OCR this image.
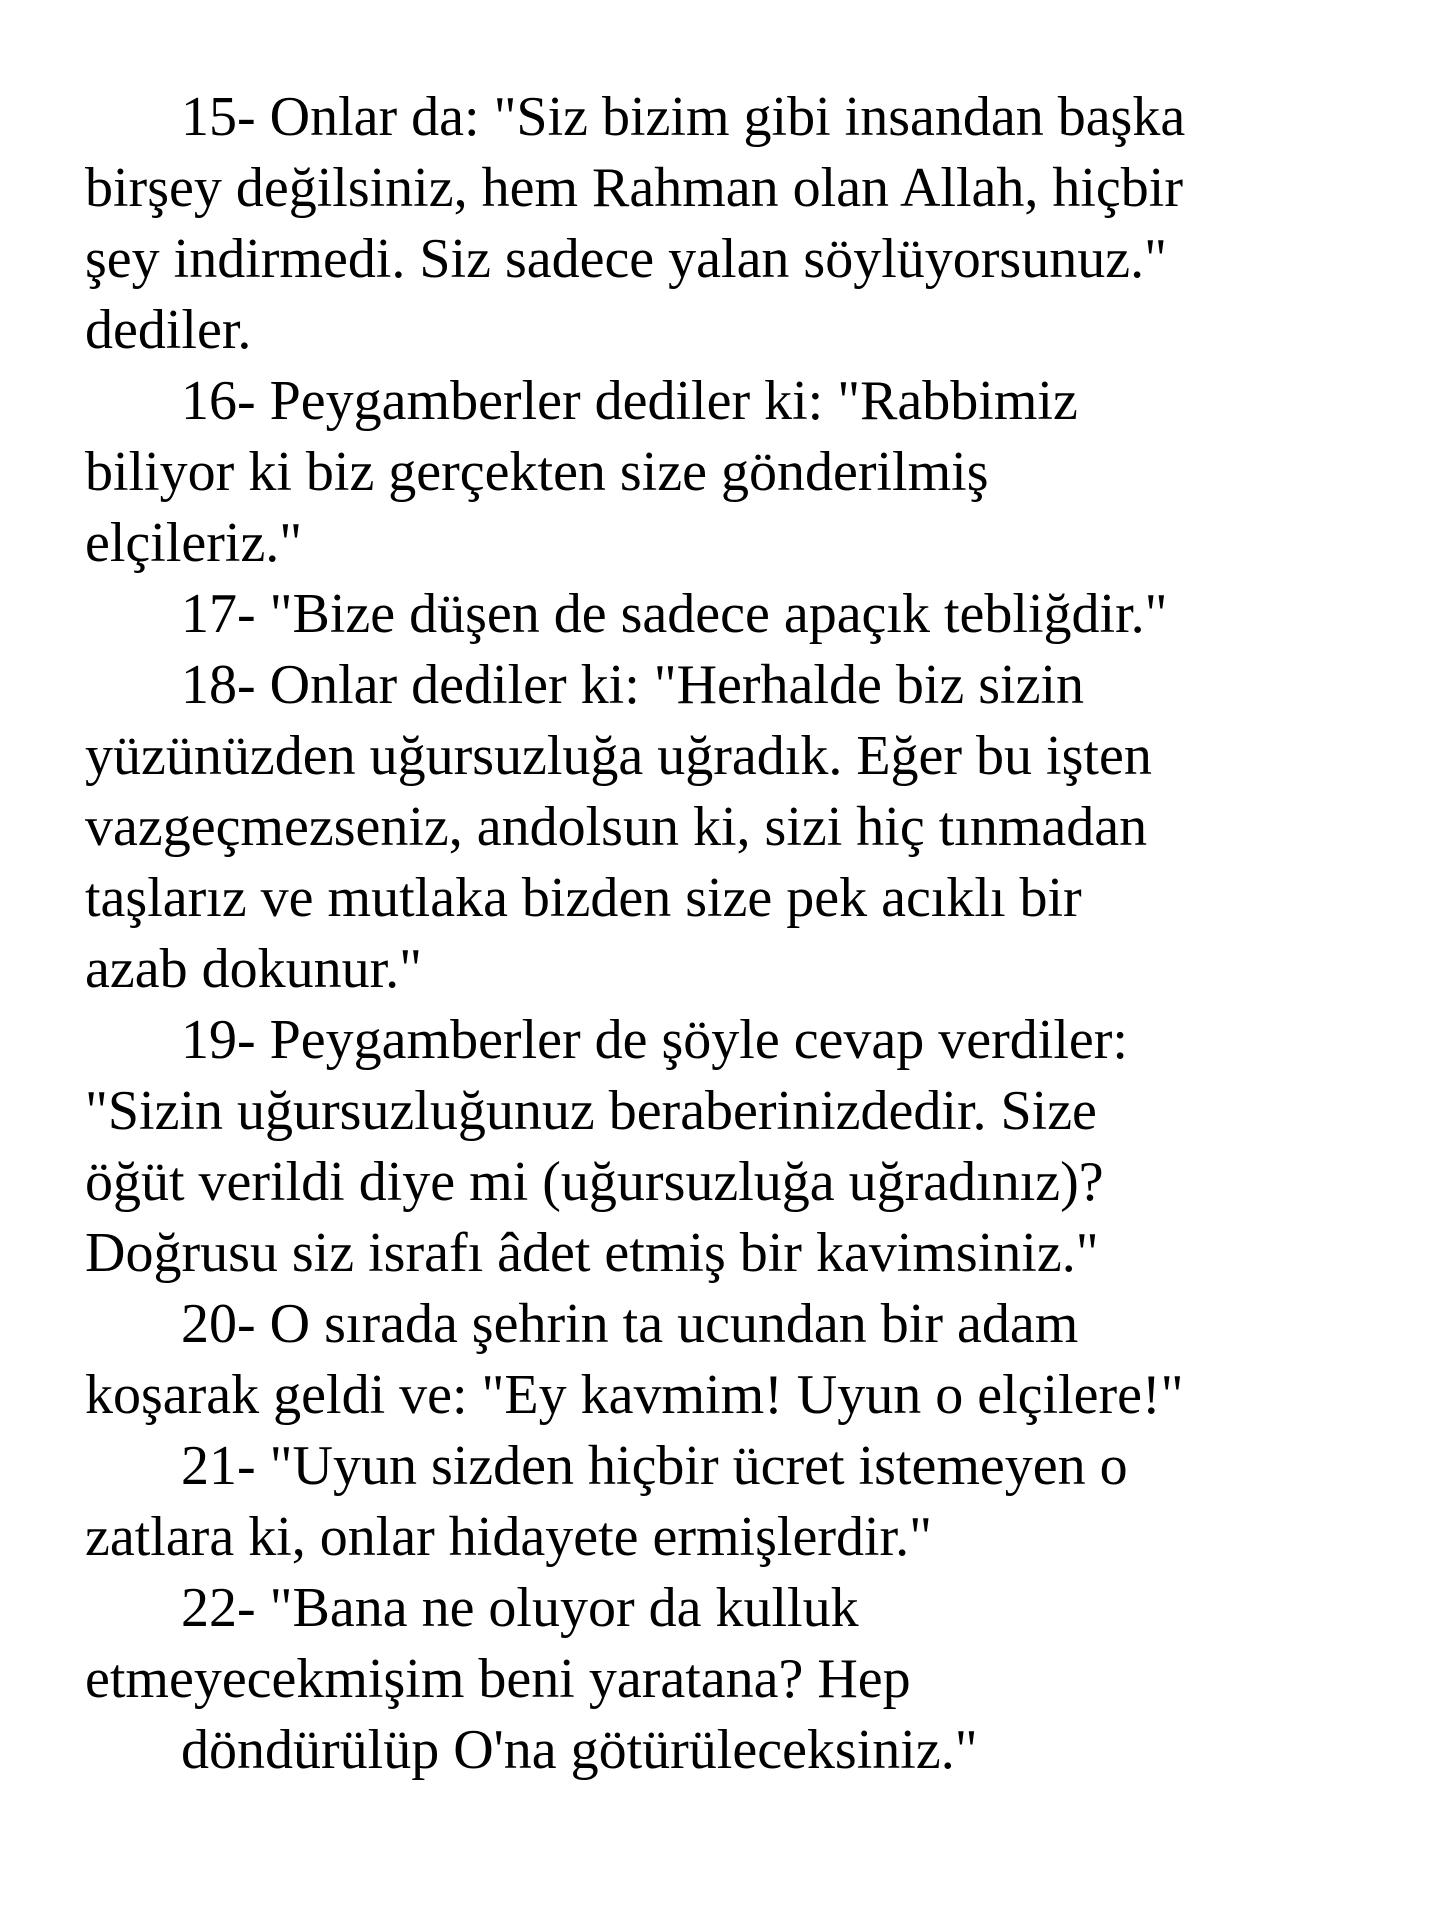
15- Onlar da: "Siz bizim gibi insandan başka
birşey değilsiniz, hem Rahman olan Allah, hiçbir
şey indirmedi. Siz sadece yalan söylüyorsunuz."
dediler.
16- Peygamberler dediler ki: "Rabbimiz
biliyor ki biz gerçekten size gönderilmiş
elçileriz."
17- "Bize düşen de sadece apaçık tebliğdir."
18- Onlar dediler ki: "Herhalde biz sizin
yüzünüzden uğursuzluğa uğradık. Eğer bu işten
vazgeçmezseniz, andolsun ki, sizi hiç tınmadan
taşlarız ve mutlaka bizden size pek acıklı bir
azab dokunur."
19- Peygamberler de şöyle cevap verdiler:
"Sizin uğursuzluğunuz beraberinizdedir. Size
öğüt verildi diye mi (uğursuzluğa uğradınız)?
Doğrusu siz israfı âdet etmiş bir kavimsiniz."
20- O sırada şehrin ta ucundan bir adam
koşarak geldi ve: "Ey kavmim! Uyun o elçilere!"
21- "Uyun sizden hiçbir ücret istemeyen o
zatlara ki, onlar hidayete ermişlerdir."
22- "Bana ne oluyor da kulluk
etmeyecekmişim beni yaratana? Hep
döndürülüp O'na götürüleceksiniz."
